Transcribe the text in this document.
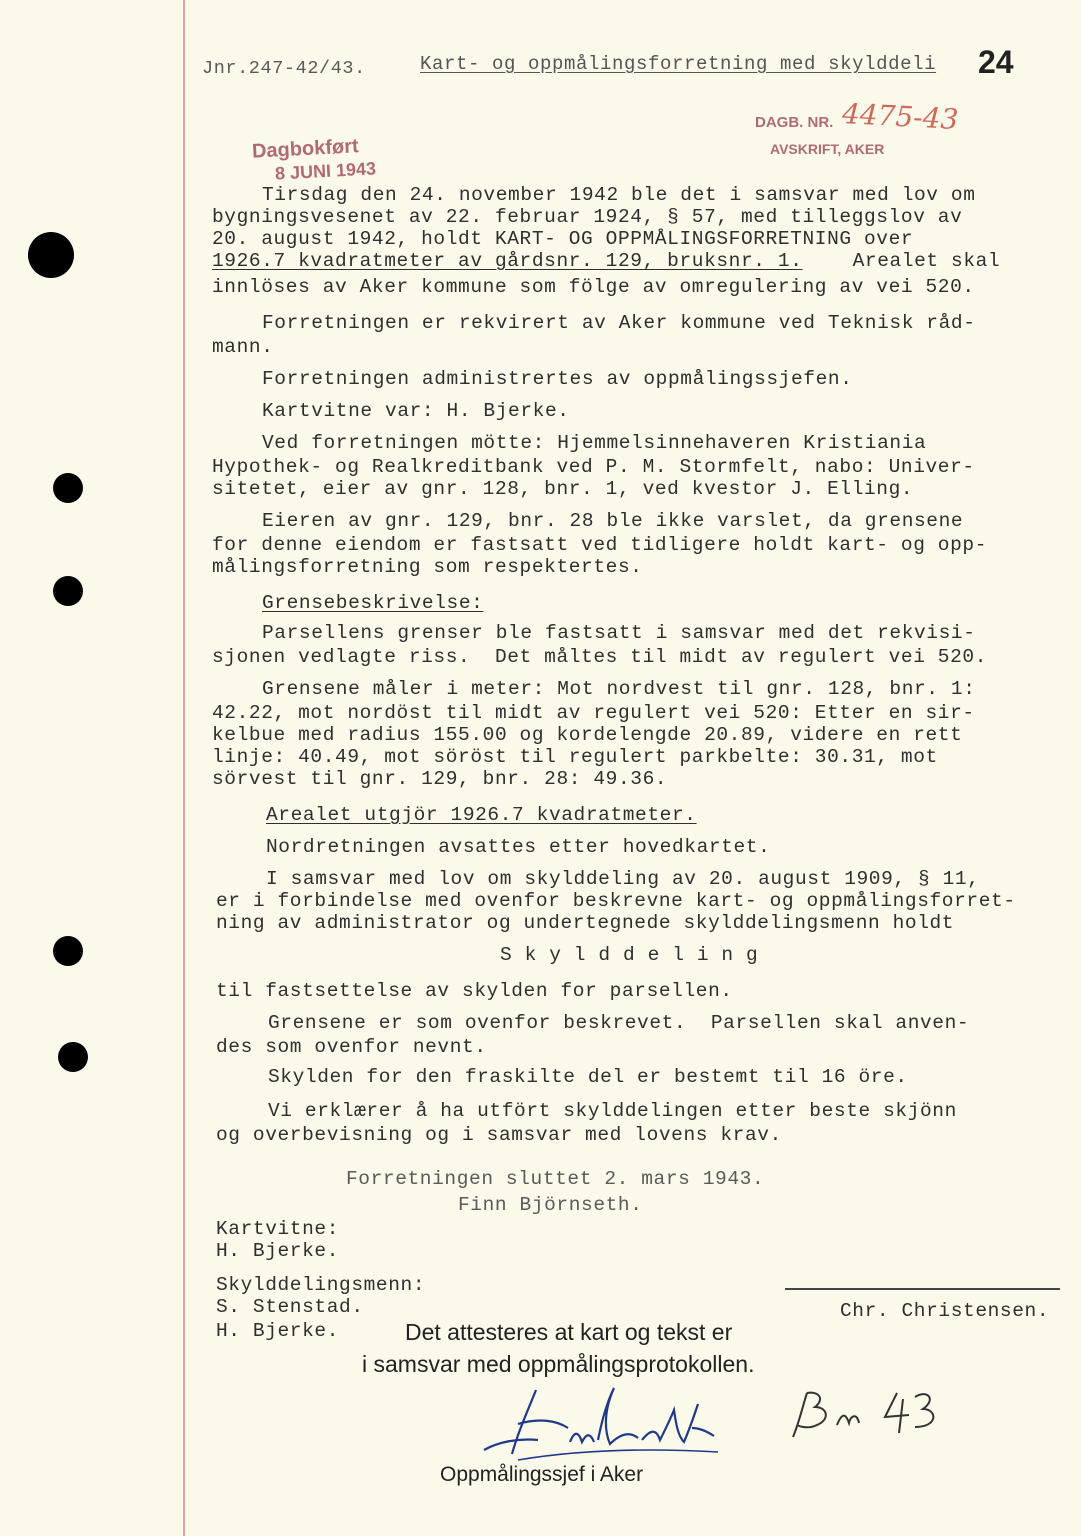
Jnr.247-42/43.	Kart- og oppmålingsforretning med skylddeli 24
Dagbokført
8 JUNI 1943
DAGB. NR. 4475-43
AVSKRIFT, AKER
Tirsdag den 24. november 1942 ble det i samsvar med lov om
bygningsvesenet av 22. februar 1924, § 57, med tilleggslov av
20. august 1942, holdt KART- OG OPPMÅLINGSFORRETNING over
1926.7 kvadratmeter av gårdsnr. 129, bruksnr. 1. Arealet skal
innlöses av Aker kommune som fölge av omregulering av vei 520.
Forretningen er rekvirert av Aker kommune ved Teknisk råd-
mann.
Forretningen administrertes av oppmålingssjefen.
Kartvitne var: H. Bjerke.
Ved forretningen mötte: Hjemmelsinnehaveren Kristiania
Hypothek- og Realkreditbank ved P. M. Stormfelt, nabo: Univer-
sitetet, eier av gnr. 128, bnr. 1, ved kvestor J. Elling.
Eieren av gnr. 129, bnr. 28 ble ikke varslet, da grensene
for denne eiendom er fastsatt ved tidligere holdt kart- og opp-
målingsforretning som respektertes.
Grensebeskrivelse:
Parsellens grenser ble fastsatt i samsvar med det rekvisi-
sjonen vedlagte riss.  Det måltes til midt av regulert vei 520.
Grensene måler i meter: Mot nordvest til gnr. 128, bnr. 1:
42.22, mot nordöst til midt av regulert vei 520: Etter en sir-
kelbue med radius 155.00 og kordelengde 20.89, videre en rett
linje: 40.49, mot söröst til regulert parkbelte: 30.31, mot
sörvest til gnr. 129, bnr. 28: 49.36.
Arealet utgjör 1926.7 kvadratmeter.
Nordretningen avsattes etter hovedkartet.
I samsvar med lov om skylddeling av 20. august 1909, § 11,
er i forbindelse med ovenfor beskrevne kart- og oppmålingsforret-
ning av administrator og undertegnede skylddelingsmenn holdt
S k y l d d e l i n g
til fastsettelse av skylden for parsellen.
Grensene er som ovenfor beskrevet.  Parsellen skal anven-
des som ovenfor nevnt.
Skylden for den fraskilte del er bestemt til 16 öre.
Vi erklærer å ha utfört skylddelingen etter beste skjönn
og overbevisning og i samsvar med lovens krav.
Forretningen sluttet 2. mars 1943.
Finn Björnseth.
Kartvitne:
H. Bjerke.
Skylddelingsmenn:
S. Stenstad.
H. Bjerke.
Chr. Christensen.
Det attesteres at kart og tekst er
i samsvar med oppmålingsprotokollen.
Oppmålingssjef i Aker
